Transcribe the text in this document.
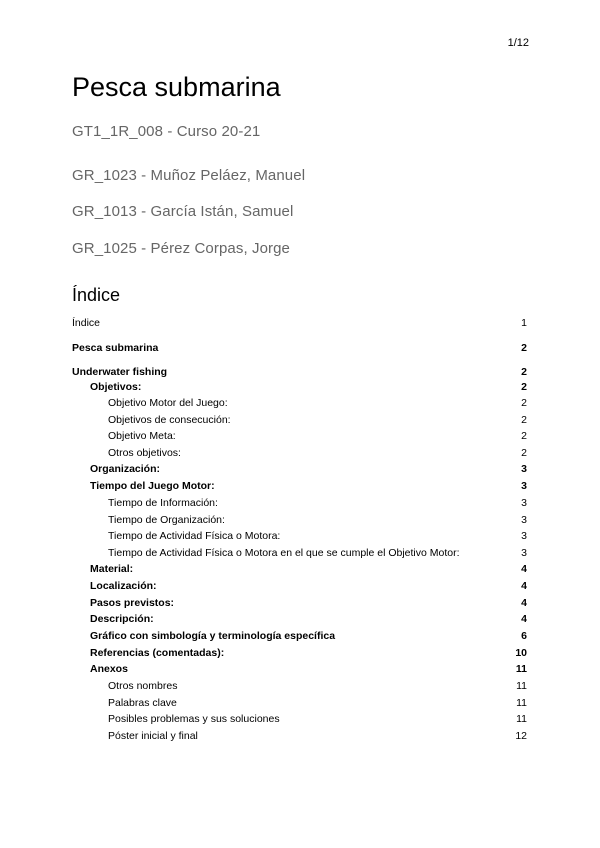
1/12
Pesca submarina

GT1_1R_008 - Curso 20-21

GR_1023 - Muñoz Peláez, Manuel

GR_1013 - García Istán, Samuel

GR_1025 - Pérez Corpas, Jorge

Índice
Índice	1
Pesca submarina	2
Underwater fishing	2
Objetivos:	2
Objetivo Motor del Juego:	2
Objetivos de consecución:	2
Objetivo Meta:	2
Otros objetivos:	2
Organización:	3
Tiempo del Juego Motor:	3
Tiempo de Información:	3
Tiempo de Organización:	3
Tiempo de Actividad Física o Motora:	3
Tiempo de Actividad Física o Motora en el que se cumple el Objetivo Motor:	3
Material:	4
Localización:	4
Pasos previstos:	4
Descripción:	4
Gráfico con simbología y terminología específica	6
Referencias (comentadas):	10
Anexos	11
Otros nombres	11
Palabras clave	11
Posibles problemas y sus soluciones	11
Póster inicial y final	12
